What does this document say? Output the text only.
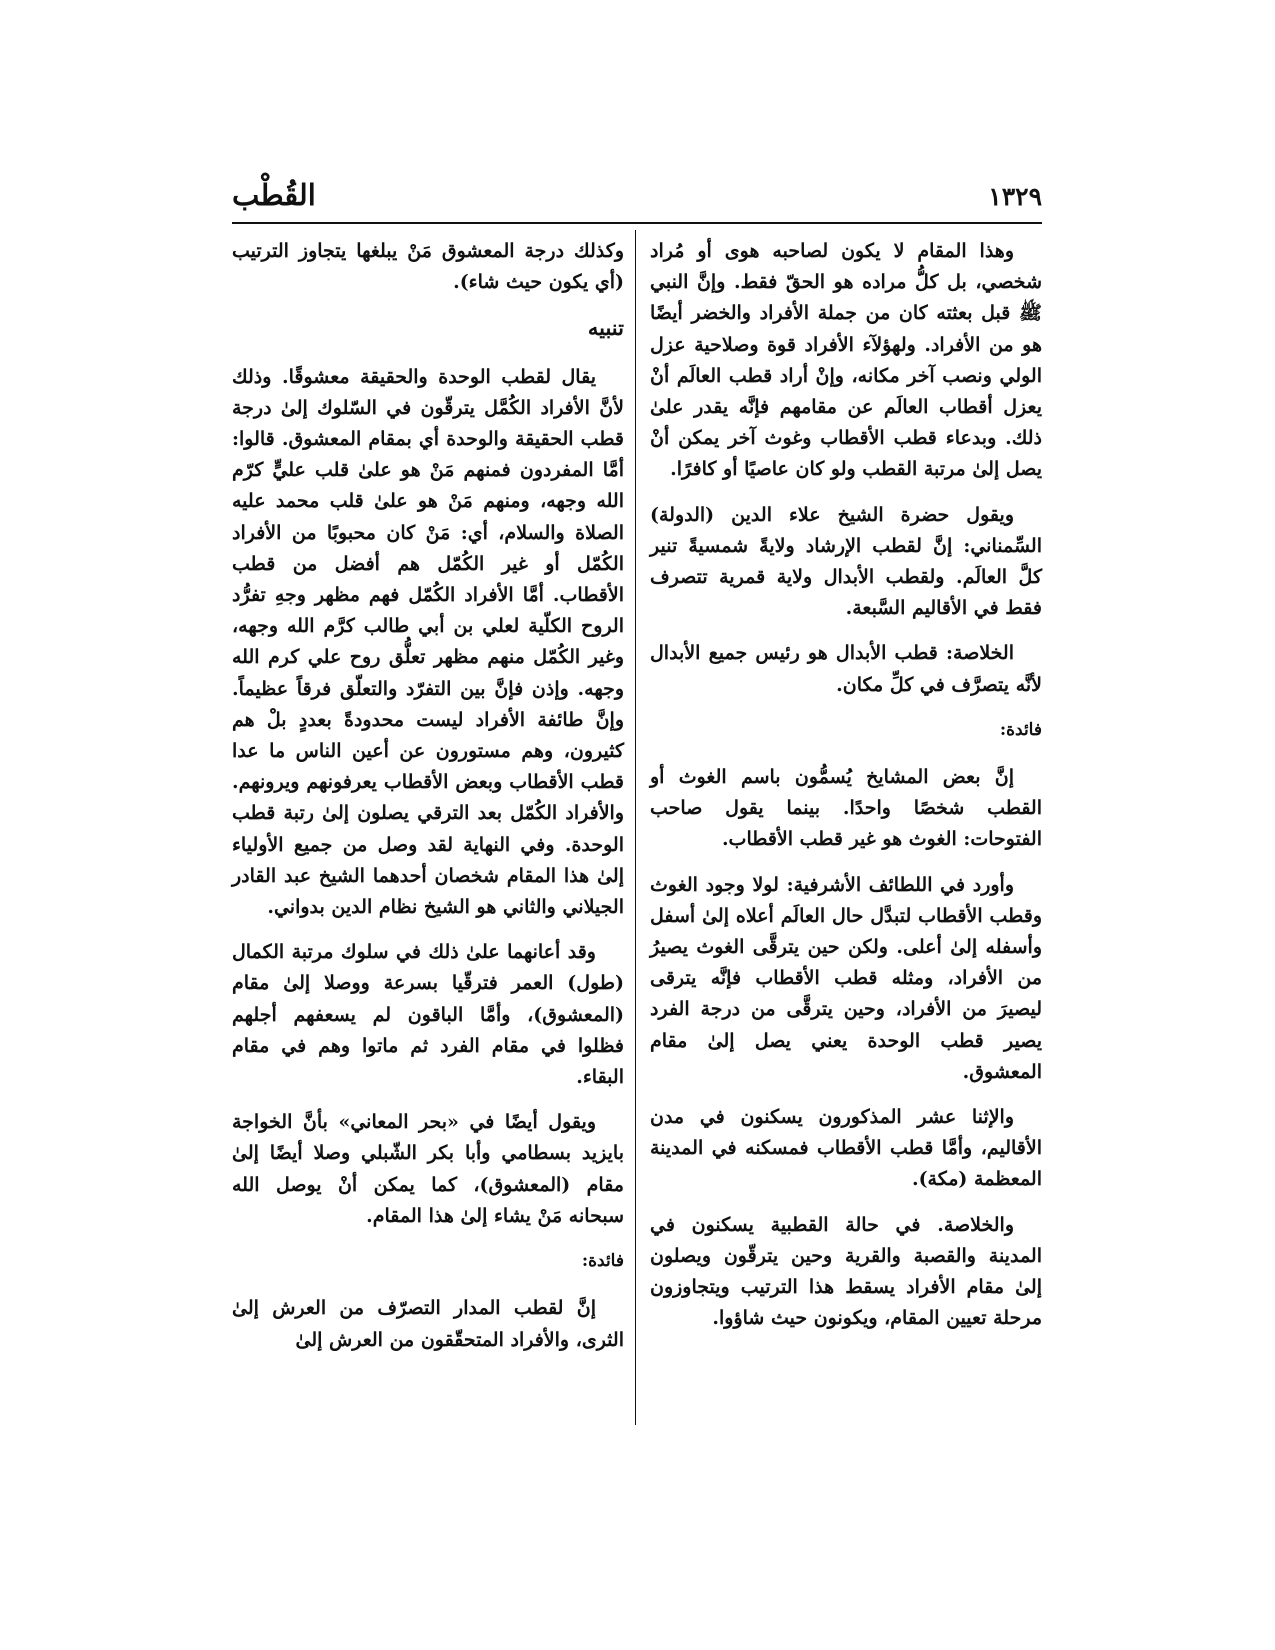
١٣٢٩
القُطْب

وهذا المقام لا يكون لصاحبه هوى أو مُراد شخصي، بل كلُّ مراده هو الحقّ فقط. وإنَّ النبي ﷺ قبل بعثته كان من جملة الأفراد والخضر أيضًا هو من الأفراد. ولهؤلآء الأفراد قوة وصلاحية عزل الولي ونصب آخر مكانه، وإنْ أراد قطب العالَم أنْ يعزل أقطاب العالَم عن مقامهم فإنَّه يقدر علىٰ ذلك. وبدعاء قطب الأقطاب وغوث آخر يمكن أنْ يصل إلىٰ مرتبة القطب ولو كان عاصيًا أو كافرًا.

ويقول حضرة الشيخ علاء الدين (الدولة) السِّمناني: إنَّ لقطب الإرشاد ولايةً شمسيةً تنير كلَّ العالَم. ولقطب الأبدال ولاية قمرية تتصرف فقط في الأقاليم السَّبعة.

الخلاصة: قطب الأبدال هو رئيس جميع الأبدال لأنَّه يتصرَّف في كلِّ مكان.

فائدة:

إنَّ بعض المشايخ يُسمُّون باسم الغوث أو القطب شخصًا واحدًا. بينما يقول صاحب الفتوحات: الغوث هو غير قطب الأقطاب.

وأورد في اللطائف الأشرفية: لولا وجود الغوث وقطب الأقطاب لتبدَّل حال العالَم أعلاه إلىٰ أسفل وأسفله إلىٰ أعلى. ولكن حين يترقَّى الغوث يصيرُ من الأفراد، ومثله قطب الأقطاب فإنَّه يترقى ليصيرَ من الأفراد، وحين يترقَّى من درجة الفرد يصير قطب الوحدة يعني يصل إلىٰ مقام المعشوق.

والإثنا عشر المذكورون يسكنون في مدن الأقاليم، وأمَّا قطب الأقطاب فمسكنه في المدينة المعظمة (مكة).

والخلاصة. في حالة القطبية يسكنون في المدينة والقصبة والقرية وحين يترقّون ويصلون إلىٰ مقام الأفراد يسقط هذا الترتيب ويتجاوزون مرحلة تعيين المقام، ويكونون حيث شاؤوا.

وكذلك درجة المعشوق مَنْ يبلغها يتجاوز الترتيب (أي يكون حيث شاء).

تنبيه

يقال لقطب الوحدة والحقيقة معشوقًا. وذلك لأنَّ الأفراد الكُمَّل يترقّون في السّلوك إلىٰ درجة قطب الحقيقة والوحدة أي بمقام المعشوق. قالوا: أمَّا المفردون فمنهم مَنْ هو علىٰ قلب عليٍّ كرّم الله وجهه، ومنهم مَنْ هو علىٰ قلب محمد عليه الصلاة والسلام، أي: مَنْ كان محبوبًا من الأفراد الكُمّل أو غير الكُمّل هم أفضل من قطب الأقطاب. أمَّا الأفراد الكُمّل فهم مظهر وجهِ تفرُّد الروح الكلّية لعلي بن أبي طالب كرَّم الله وجهه، وغير الكُمّل منهم مظهر تعلُّق روح علي كرم الله وجهه. وإذن فإنَّ بين التفرّد والتعلّق فرقاً عظيماً. وإنَّ طائفة الأفراد ليست محدودةً بعددٍ بلْ هم كثيرون، وهم مستورون عن أعين الناس ما عدا قطب الأقطاب وبعض الأقطاب يعرفونهم ويرونهم. والأفراد الكُمّل بعد الترقي يصلون إلىٰ رتبة قطب الوحدة. وفي النهاية لقد وصل من جميع الأولياء إلىٰ هذا المقام شخصان أحدهما الشيخ عبد القادر الجيلاني والثاني هو الشيخ نظام الدين بدواني.

وقد أعانهما علىٰ ذلك في سلوك مرتبة الكمال (طول) العمر فترقّيا بسرعة ووصلا إلىٰ مقام (المعشوق)، وأمَّا الباقون لم يسعفهم أجلهم فظلوا في مقام الفرد ثم ماتوا وهم في مقام البقاء.

ويقول أيضًا في «بحر المعاني» بأنَّ الخواجة بايزيد بسطامي وأبا بكر الشّبلي وصلا أيضًا إلىٰ مقام (المعشوق)، كما يمكن أنْ يوصل الله سبحانه مَنْ يشاء إلىٰ هذا المقام.

فائدة:

إنَّ لقطب المدار التصرّف من العرش إلىٰ الثرى، والأفراد المتحقّقون من العرش إلىٰ
